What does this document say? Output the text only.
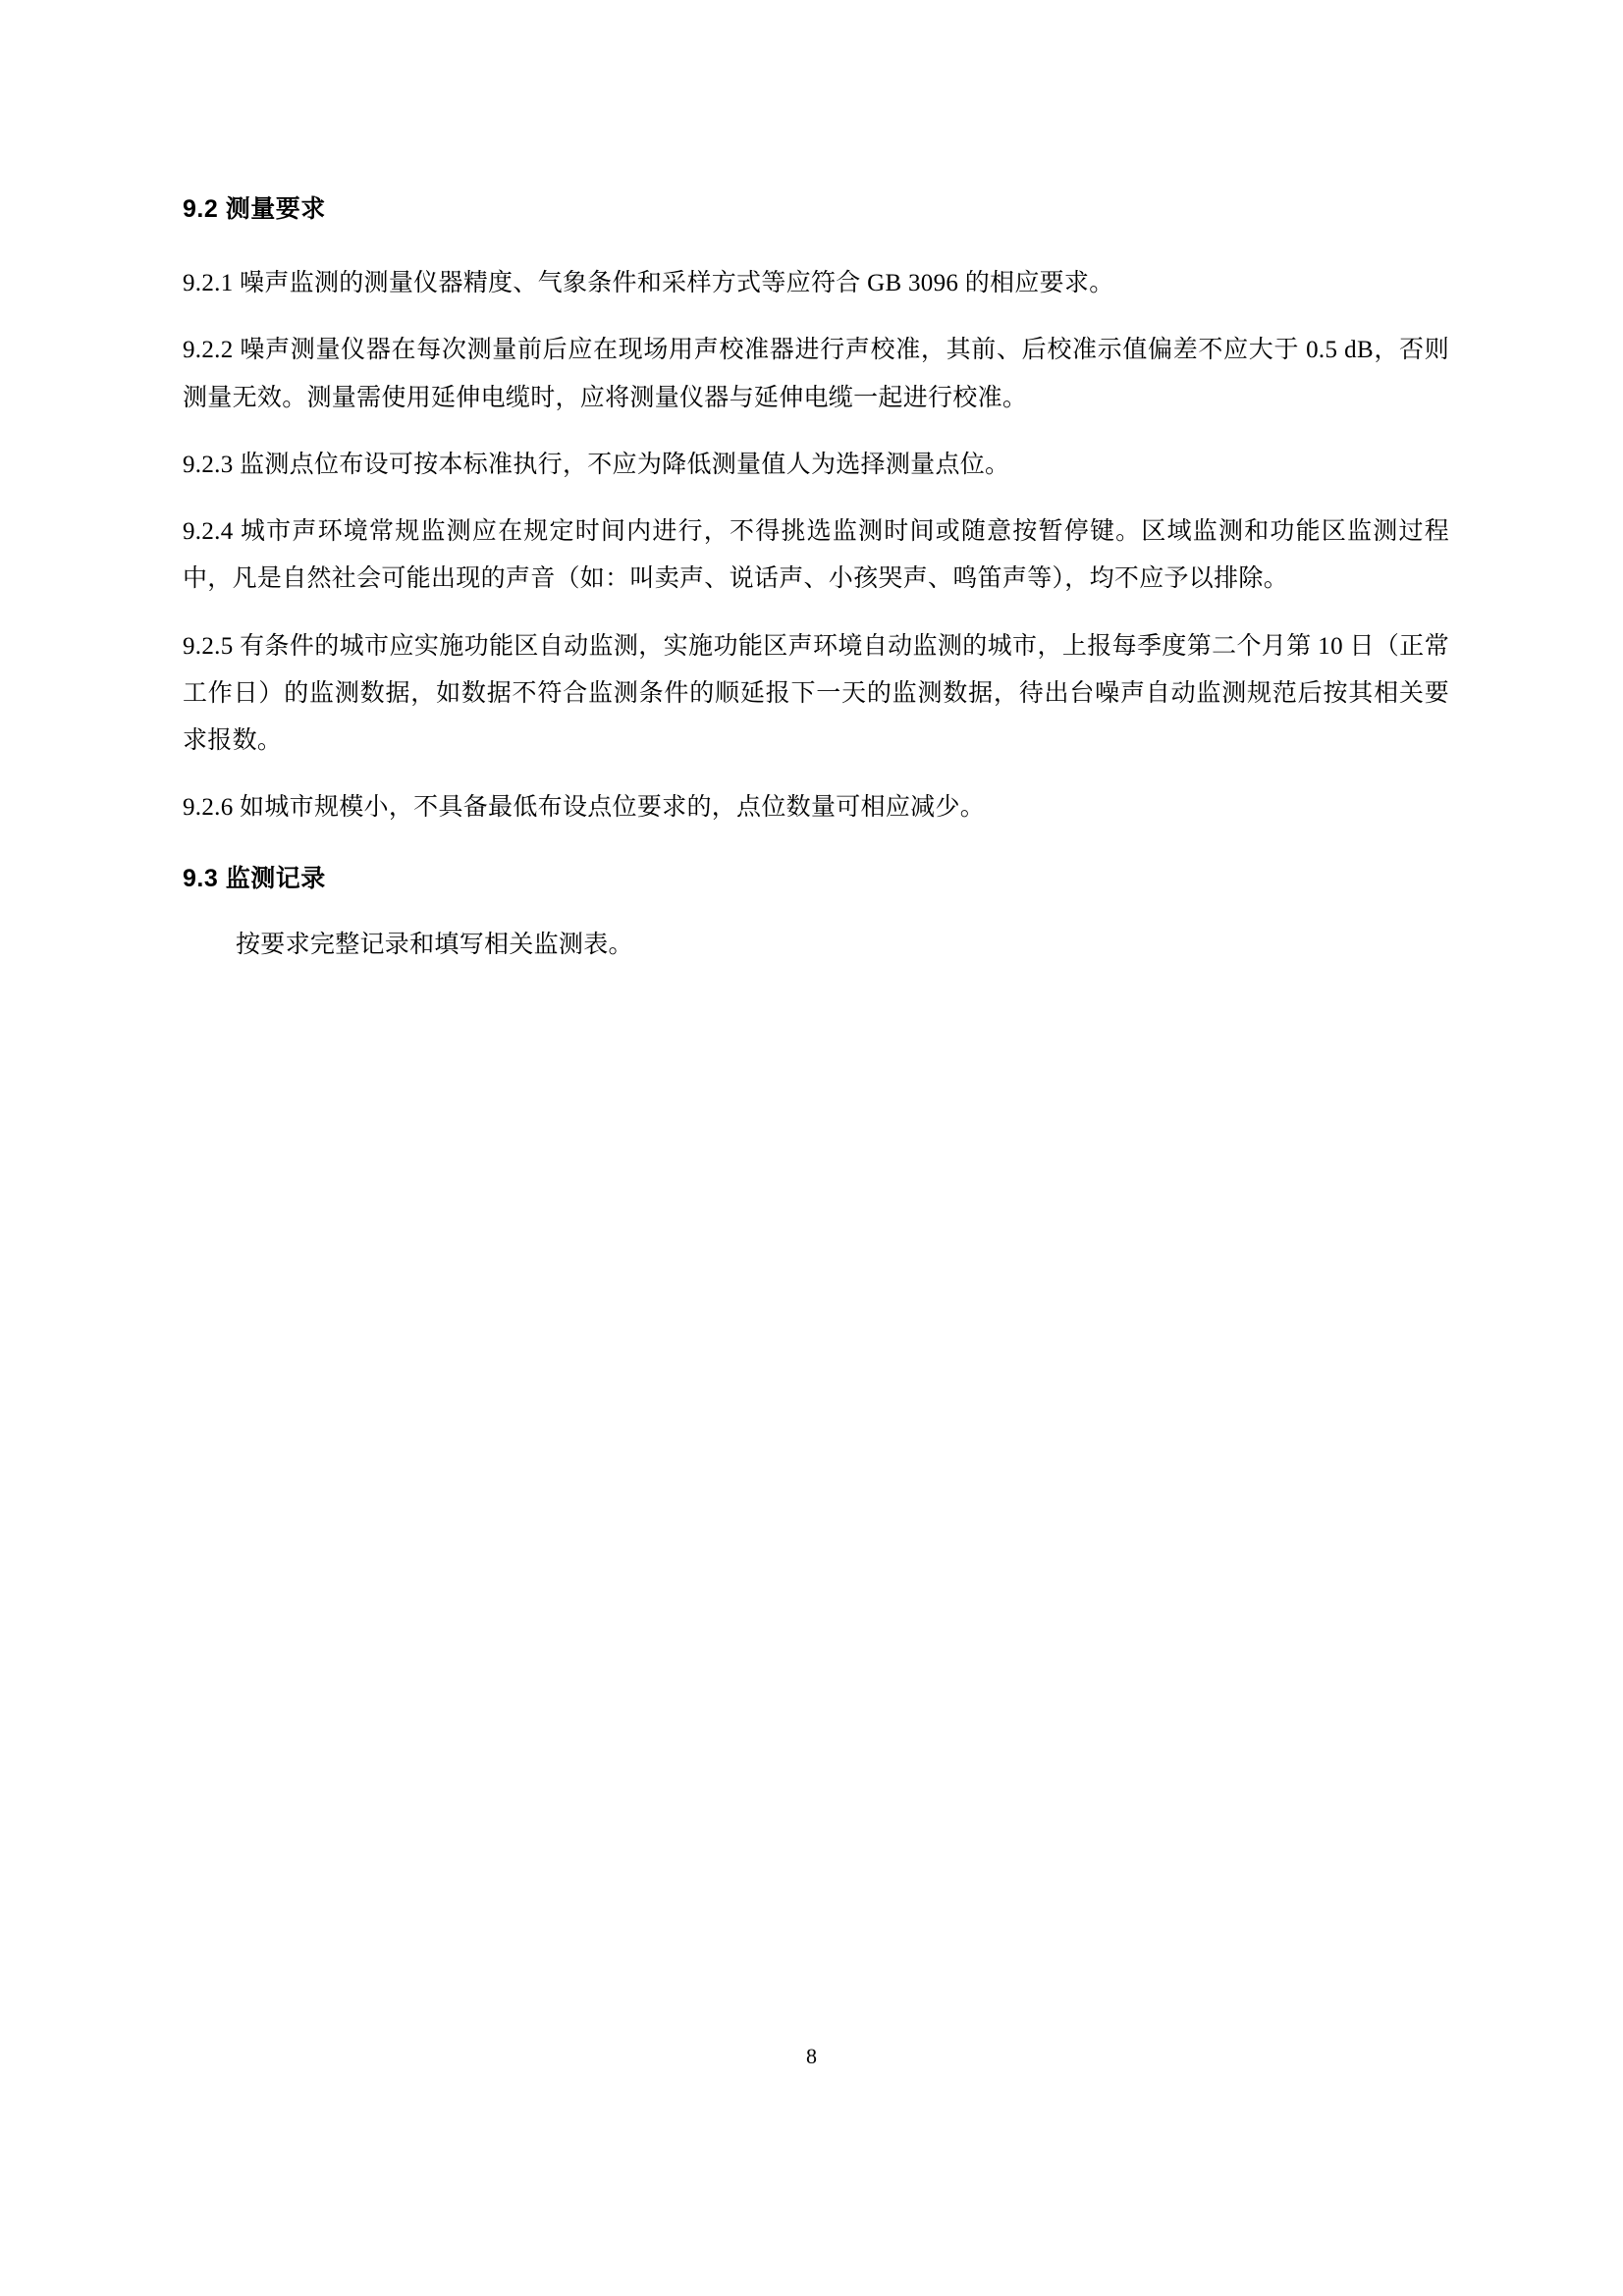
9.2 测量要求

9.2.1 噪声监测的测量仪器精度、气象条件和采样方式等应符合 GB 3096 的相应要求。

9.2.2 噪声测量仪器在每次测量前后应在现场用声校准器进行声校准，其前、后校准示值偏差不应大于 0.5 dB，否则测量无效。测量需使用延伸电缆时，应将测量仪器与延伸电缆一起进行校准。

9.2.3 监测点位布设可按本标准执行，不应为降低测量值人为选择测量点位。

9.2.4 城市声环境常规监测应在规定时间内进行，不得挑选监测时间或随意按暂停键。区域监测和功能区监测过程中，凡是自然社会可能出现的声音（如：叫卖声、说话声、小孩哭声、鸣笛声等），均不应予以排除。

9.2.5 有条件的城市应实施功能区自动监测，实施功能区声环境自动监测的城市，上报每季度第二个月第 10 日（正常工作日）的监测数据，如数据不符合监测条件的顺延报下一天的监测数据，待出台噪声自动监测规范后按其相关要求报数。

9.2.6 如城市规模小，不具备最低布设点位要求的，点位数量可相应减少。

9.3 监测记录

按要求完整记录和填写相关监测表。

8
